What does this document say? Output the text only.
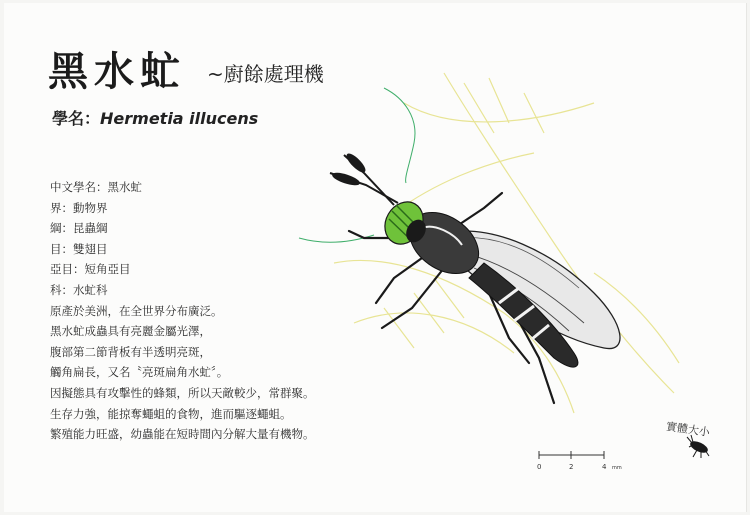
黑水虻 ~廚餘處理機
學名：Hermetia illucens
中文學名：黑水虻
界：動物界
綱：昆蟲綱
目：雙翅目
亞目：短角亞目
科：水虻科
原產於美洲，在全世界分布廣泛。
黑水虻成蟲具有亮麗金屬光澤，
腹部第二節背板有半透明亮斑，
觸角扁長，又名〝亮斑扁角水虻〞。
因擬態具有攻擊性的蜂類，所以天敵較少，常群聚。
生存力強，能掠奪蠅蛆的食物，進而驅逐蠅蛆。
繁殖能力旺盛，幼蟲能在短時間內分解大量有機物。
0	2	4 mm
實體大小
